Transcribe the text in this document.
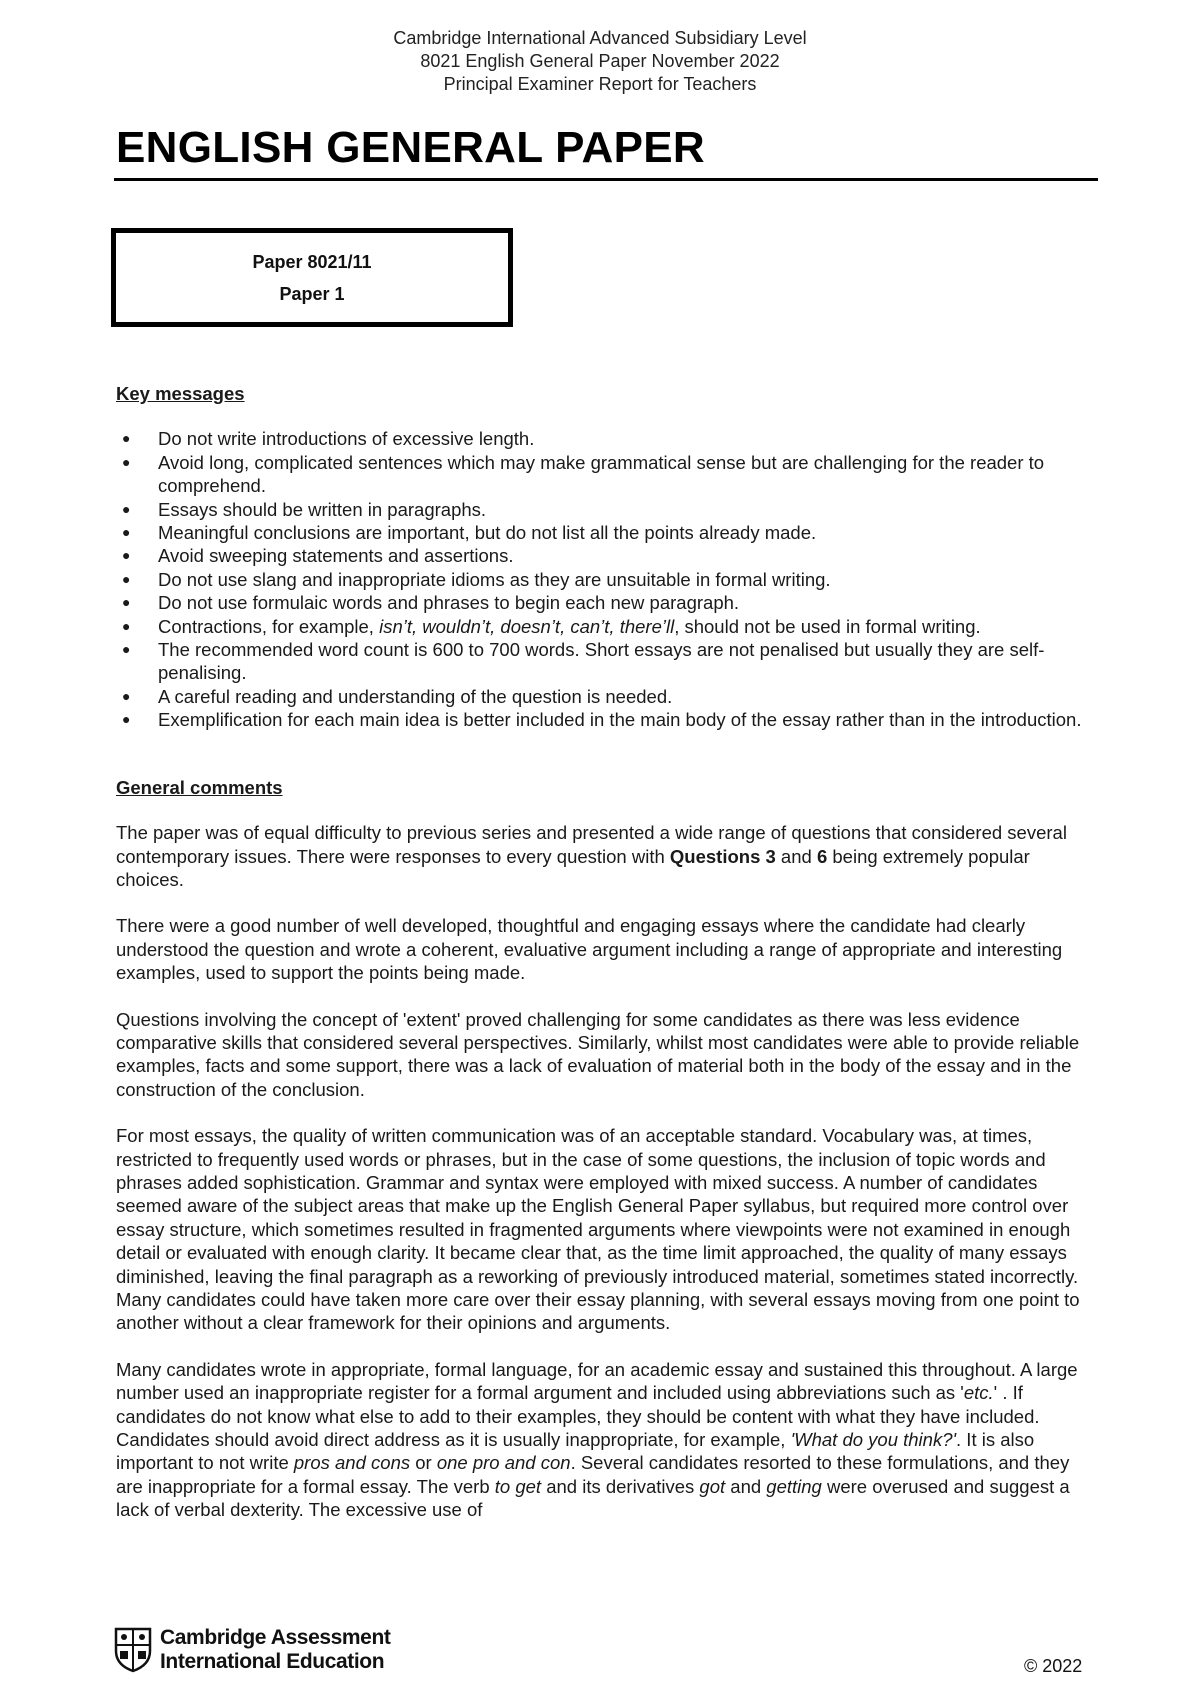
Cambridge International Advanced Subsidiary Level
8021 English General Paper November 2022
Principal Examiner Report for Teachers
ENGLISH GENERAL PAPER
Paper 8021/11
Paper 1
Key messages
● Do not write introductions of excessive length.
● Avoid long, complicated sentences which may make grammatical sense but are challenging for the reader to comprehend.
● Essays should be written in paragraphs.
● Meaningful conclusions are important, but do not list all the points already made.
● Avoid sweeping statements and assertions.
● Do not use slang and inappropriate idioms as they are unsuitable in formal writing.
● Do not use formulaic words and phrases to begin each new paragraph.
● Contractions, for example, isn’t, wouldn’t, doesn’t, can’t, there’ll, should not be used in formal writing.
● The recommended word count is 600 to 700 words. Short essays are not penalised but usually they are self-penalising.
● A careful reading and understanding of the question is needed.
● Exemplification for each main idea is better included in the main body of the essay rather than in the introduction.
General comments

The paper was of equal difficulty to previous series and presented a wide range of questions that considered several contemporary issues. There were responses to every question with Questions 3 and 6 being extremely popular choices.

There were a good number of well developed, thoughtful and engaging essays where the candidate had clearly understood the question and wrote a coherent, evaluative argument including a range of appropriate and interesting examples, used to support the points being made.

Questions involving the concept of 'extent' proved challenging for some candidates as there was less evidence comparative skills that considered several perspectives. Similarly, whilst most candidates were able to provide reliable examples, facts and some support, there was a lack of evaluation of material both in the body of the essay and in the construction of the conclusion.

For most essays, the quality of written communication was of an acceptable standard. Vocabulary was, at times, restricted to frequently used words or phrases, but in the case of some questions, the inclusion of topic words and phrases added sophistication. Grammar and syntax were employed with mixed success. A number of candidates seemed aware of the subject areas that make up the English General Paper syllabus, but required more control over essay structure, which sometimes resulted in fragmented arguments where viewpoints were not examined in enough detail or evaluated with enough clarity. It became clear that, as the time limit approached, the quality of many essays diminished, leaving the final paragraph as a reworking of previously introduced material, sometimes stated incorrectly. Many candidates could have taken more care over their essay planning, with several essays moving from one point to another without a clear framework for their opinions and arguments.

Many candidates wrote in appropriate, formal language, for an academic essay and sustained this throughout. A large number used an inappropriate register for a formal argument and included using abbreviations such as 'etc.' . If candidates do not know what else to add to their examples, they should be content with what they have included. Candidates should avoid direct address as it is usually inappropriate, for example, 'What do you think?'. It is also important to not write pros and cons or one pro and con. Several candidates resorted to these formulations, and they are inappropriate for a formal essay. The verb to get and its derivatives got and getting were overused and suggest a lack of verbal dexterity. The excessive use of

Cambridge Assessment
International Education	© 2022
